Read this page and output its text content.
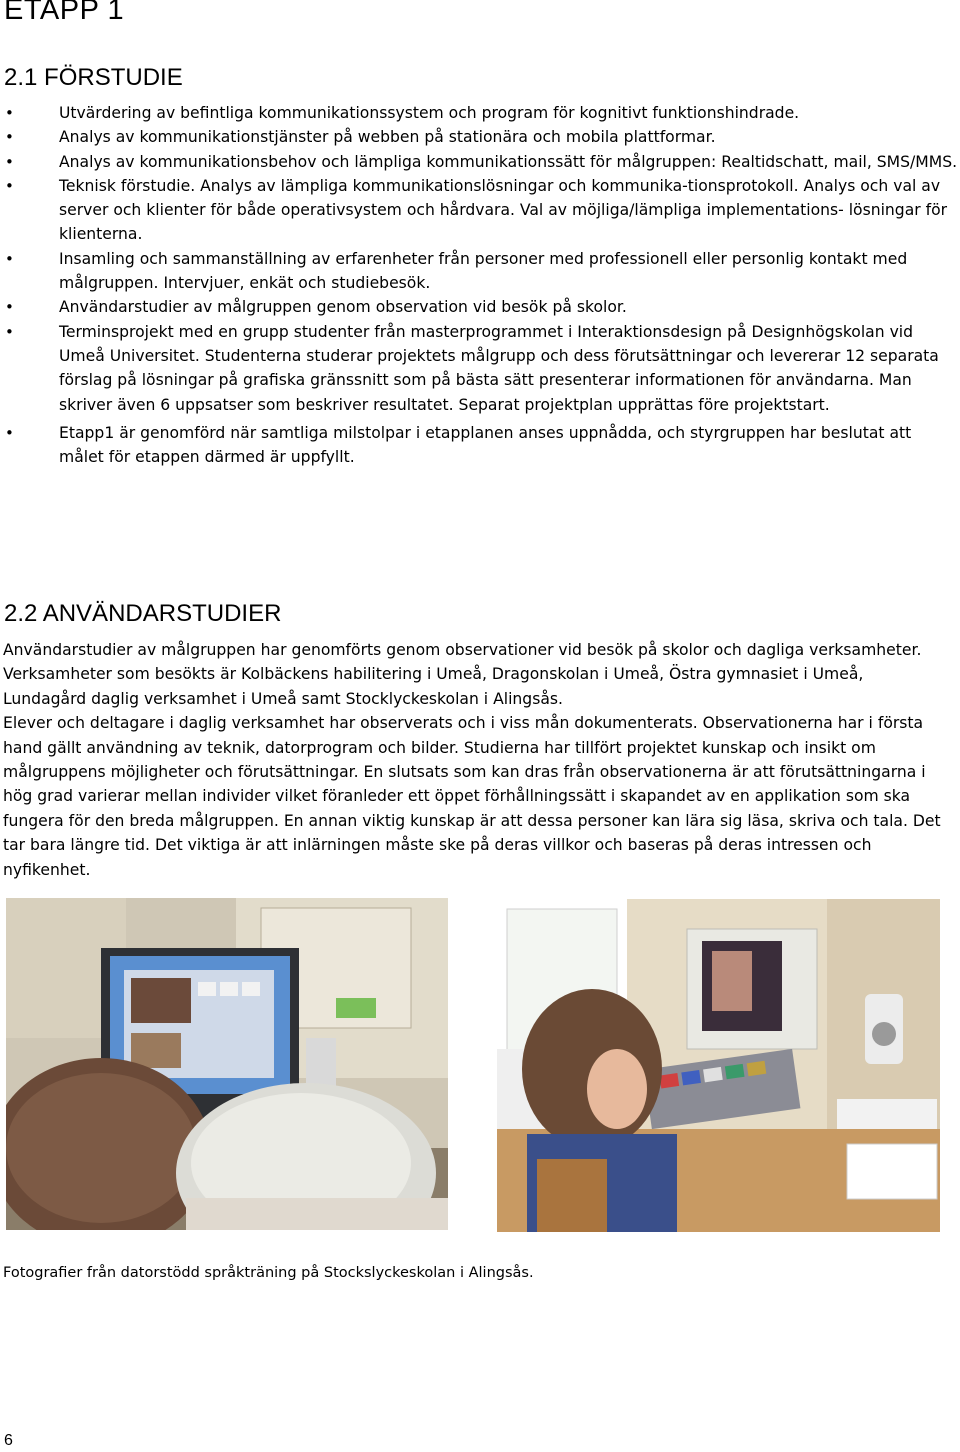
ETAPP 1
2.1 FÖRSTUDIE
•	Utvärdering av befintliga kommunikationssystem och program för kognitivt funktionshindrade.
•	Analys av kommunikationstjänster på webben på stationära och mobila plattformar.
•	Analys av kommunikationsbehov och lämpliga kommunikationssätt för målgruppen: Realtidschatt, mail, SMS/MMS.
•	Teknisk förstudie. Analys av lämpliga kommunikationslösningar och kommunika-tionsprotokoll. Analys och val av server och klienter för både operativsystem och hårdvara. Val av möjliga/lämpliga implementations- lösningar för klienterna.
•	Insamling och sammanställning av erfarenheter från personer med professionell eller personlig kontakt med målgruppen. Intervjuer, enkät och studiebesök.
•	Användarstudier av målgruppen genom observation vid besök på skolor.
•	Terminsprojekt med en grupp studenter från masterprogrammet i Interaktionsdesign på Designhögskolan vid Umeå Universitet. Studenterna studerar projektets målgrupp och dess förutsättningar och levererar 12 separata förslag på lösningar på grafiska gränssnitt som på bästa sätt presenterar informationen för användarna. Man skriver även 6 uppsatser som beskriver resultatet. Separat projektplan upprättas före projektstart.
•	Etapp1 är genomförd när samtliga milstolpar i etapplanen anses uppnådda, och styrgruppen har beslutat att målet för etappen därmed är uppfyllt.
2.2 ANVÄNDARSTUDIER
Användarstudier av målgruppen har genomförts genom observationer vid besök på skolor och dagliga verksamheter.
Verksamheter som besökts är Kolbäckens habilitering i Umeå, Dragonskolan i Umeå, Östra gymnasiet i Umeå,
Lundagård daglig verksamhet i Umeå samt Stocklyckeskolan i Alingsås.
Elever och deltagare i daglig verksamhet har observerats och i viss mån dokumenterats. Observationerna har i första
hand gällt användning av teknik, datorprogram och bilder. Studierna har tillfört projektet kunskap och insikt om
målgruppens möjligheter och förutsättningar. En slutsats som kan dras från observationerna är att förutsättningarna i
hög grad varierar mellan individer vilket föranleder ett öppet förhållningssätt i skapandet av en applikation som ska
fungera för den breda målgruppen. En annan viktig kunskap är att dessa personer kan lära sig läsa, skriva och tala. Det
tar bara längre tid. Det viktiga är att inlärningen måste ske på deras villkor och baseras på deras intressen och
nyfikenhet.

Fotografier från datorstödd språkträning på Stockslyckeskolan i Alingsås.

6
